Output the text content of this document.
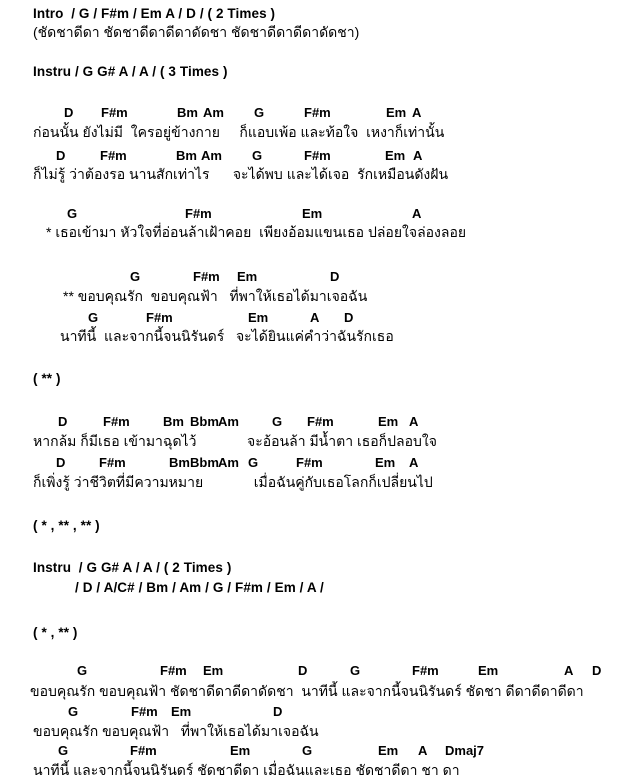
Intro  / G / F#m / Em A / D / ( 2 Times )
(ชัดชาดีดา ชัดชาดีดาดีดาดัดชา ชัดชาดีดาดีดาดัดชา)
Instru / G G# A / A / ( 3 Times )
D F#m	Bm Am G	F#m	Em A
ก่อนนั้น ยังไม่มี  ใครอยู่ข้างกาย     ก็แอบเพ้อ และท้อใจ  เหงาก็เท่านั้น
D	F#m	Bm Am G	F#m	Em A
ก็ไม่รู้ ว่าต้องรอ นานสักเท่าไร      จะได้พบ และได้เจอ  รักเหมือนดังฝัน
G	F#m	Em	A
* เธอเข้ามา หัวใจที่อ่อนล้าเฝ้าคอย  เพียงอ้อมแขนเธอ ปล่อยใจล่องลอย
G	F#m Em	D
** ขอบคุณรัก  ขอบคุณฟ้า   ที่พาให้เธอได้มาเจอฉัน
G	F#m	Em	A D
นาทีนี้  และจากนี้จนนิรันดร์   จะได้ยินแค่คำว่าฉันรักเธอ
( ** )
D	F#m	Bm Bbm Am	G F#m	Em A
หากล้ม ก็มีเธอ เข้ามาฉุดไว้             จะอ้อนล้า มีน้ำตา เธอก็ปลอบใจ
D	F#m	Bm Bbm Am G	F#m	Em A
ก็เพิ่งรู้ ว่าชีวิตที่มีความหมาย             เมื่อฉันคู่กับเธอโลกก็เปลี่ยนไป
( * , ** , ** )
Instru  / G G# A / A / ( 2 Times )
/ D / A/C# / Bm / Am / G / F#m / Em / A /
( * , ** )
G	F#m Em	D	G	F#m	Em	A D
ขอบคุณรัก ขอบคุณฟ้า ชัดชาดีดาดีดาดัดชา  นาทีนี้ และจากนี้จนนิรันดร์ ชัดชา ดีดาดีดาดีดา
G	F#m Em	D
ขอบคุณรัก ขอบคุณฟ้า   ที่พาให้เธอได้มาเจอฉัน
G	F#m	Em	G	Em A Dmaj7
นาทีนี้ และจากนี้จนนิรันดร์ ชัดชาดีดา เมื่อฉันและเธอ ชัดชาดีดา ชา ดา
